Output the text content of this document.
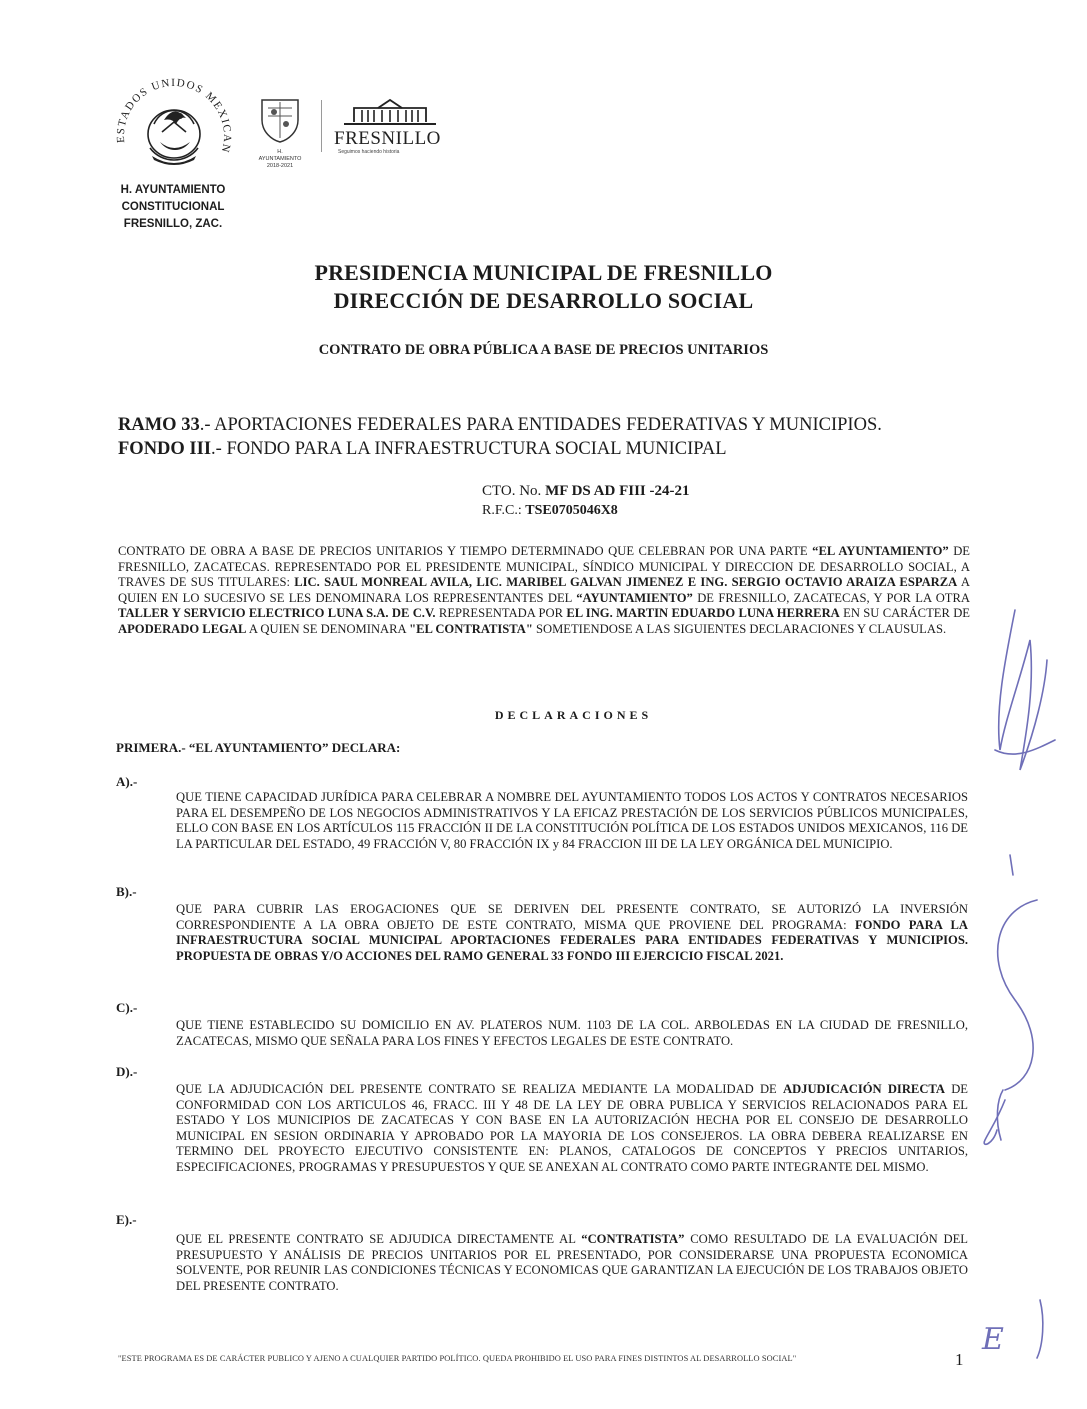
ESTADOS UNIDOS MEXICANOS
H. AYUNTAMIENTO
CONSTITUCIONAL
FRESNILLO, ZAC.
H. AYUNTAMIENTO 2018-2021
FRESNILLO
Seguimos haciendo historia
PRESIDENCIA MUNICIPAL DE FRESNILLO
DIRECCIÓN DE DESARROLLO SOCIAL
CONTRATO DE OBRA PÚBLICA A BASE DE PRECIOS UNITARIOS
RAMO 33.- APORTACIONES FEDERALES PARA ENTIDADES FEDERATIVAS Y MUNICIPIOS.
FONDO III.- FONDO PARA LA INFRAESTRUCTURA SOCIAL MUNICIPAL
CTO. No. MF DS AD FIII -24-21
R.F.C.: TSE0705046X8
CONTRATO DE OBRA A BASE DE PRECIOS UNITARIOS Y TIEMPO DETERMINADO QUE CELEBRAN POR UNA PARTE “EL AYUNTAMIENTO” DE FRESNILLO, ZACATECAS. REPRESENTADO POR EL PRESIDENTE MUNICIPAL, SÍNDICO MUNICIPAL Y DIRECCION DE DESARROLLO SOCIAL, A TRAVES DE SUS TITULARES: LIC. SAUL MONREAL AVILA, LIC. MARIBEL GALVAN JIMENEZ E ING. SERGIO OCTAVIO ARAIZA ESPARZA A QUIEN EN LO SUCESIVO SE LES DENOMINARA LOS REPRESENTANTES DEL “AYUNTAMIENTO” DE FRESNILLO, ZACATECAS, Y POR LA OTRA TALLER Y SERVICIO ELECTRICO LUNA S.A. DE C.V. REPRESENTADA POR EL ING. MARTIN EDUARDO LUNA HERRERA EN SU CARÁCTER DE APODERADO LEGAL A QUIEN SE DENOMINARA "EL CONTRATISTA" SOMETIENDOSE A LAS SIGUIENTES DECLARACIONES Y CLAUSULAS.
DECLARACIONES
PRIMERA.- “EL AYUNTAMIENTO” DECLARA:
A).-
QUE TIENE CAPACIDAD JURÍDICA PARA CELEBRAR A NOMBRE DEL AYUNTAMIENTO TODOS LOS ACTOS Y CONTRATOS NECESARIOS PARA EL DESEMPEÑO DE LOS NEGOCIOS ADMINISTRATIVOS Y LA EFICAZ PRESTACIÓN DE LOS SERVICIOS PÚBLICOS MUNICIPALES, ELLO CON BASE EN LOS ARTÍCULOS 115 FRACCIÓN II DE LA CONSTITUCIÓN POLÍTICA DE LOS ESTADOS UNIDOS MEXICANOS, 116 DE LA PARTICULAR DEL ESTADO, 49 FRACCIÓN V, 80 FRACCIÓN IX y 84 FRACCION III DE LA LEY ORGÁNICA DEL MUNICIPIO.
B).-
QUE PARA CUBRIR LAS EROGACIONES QUE SE DERIVEN DEL PRESENTE CONTRATO, SE AUTORIZÓ LA INVERSIÓN CORRESPONDIENTE A LA OBRA OBJETO DE ESTE CONTRATO, MISMA QUE PROVIENE DEL PROGRAMA: FONDO PARA LA INFRAESTRUCTURA SOCIAL MUNICIPAL APORTACIONES FEDERALES PARA ENTIDADES FEDERATIVAS Y MUNICIPIOS. PROPUESTA DE OBRAS Y/O ACCIONES DEL RAMO GENERAL 33 FONDO III EJERCICIO FISCAL 2021.
C).-
QUE TIENE ESTABLECIDO SU DOMICILIO EN AV. PLATEROS NUM. 1103 DE LA COL. ARBOLEDAS EN LA CIUDAD DE FRESNILLO, ZACATECAS, MISMO QUE SEÑALA PARA LOS FINES Y EFECTOS LEGALES DE ESTE CONTRATO.
D).-
QUE LA ADJUDICACIÓN DEL PRESENTE CONTRATO SE REALIZA MEDIANTE LA MODALIDAD DE ADJUDICACIÓN DIRECTA DE CONFORMIDAD CON LOS ARTICULOS 46, FRACC. III Y 48 DE LA LEY DE OBRA PUBLICA Y SERVICIOS RELACIONADOS PARA EL ESTADO Y LOS MUNICIPIOS DE ZACATECAS Y CON BASE EN LA AUTORIZACIÓN HECHA POR EL CONSEJO DE DESARROLLO MUNICIPAL EN SESION ORDINARIA Y APROBADO POR LA MAYORIA DE LOS CONSEJEROS. LA OBRA DEBERA REALIZARSE EN TERMINO DEL PROYECTO EJECUTIVO CONSISTENTE EN: PLANOS, CATALOGOS DE CONCEPTOS Y PRECIOS UNITARIOS, ESPECIFICACIONES, PROGRAMAS Y PRESUPUESTOS Y QUE SE ANEXAN AL CONTRATO COMO PARTE INTEGRANTE DEL MISMO.
E).-
QUE EL PRESENTE CONTRATO SE ADJUDICA DIRECTAMENTE AL “CONTRATISTA” COMO RESULTADO DE LA EVALUACIÓN DEL PRESUPUESTO Y ANÁLISIS DE PRECIOS UNITARIOS POR EL PRESENTADO, POR CONSIDERARSE UNA PROPUESTA ECONOMICA SOLVENTE, POR REUNIR LAS CONDICIONES TÉCNICAS Y ECONOMICAS QUE GARANTIZAN LA EJECUCIÓN DE LOS TRABAJOS OBJETO DEL PRESENTE CONTRATO.
"ESTE PROGRAMA ES DE CARÁCTER PUBLICO Y AJENO A CUALQUIER PARTIDO POLÍTICO. QUEDA PROHIBIDO EL USO PARA FINES DISTINTOS AL DESARROLLO SOCIAL"	1
E
